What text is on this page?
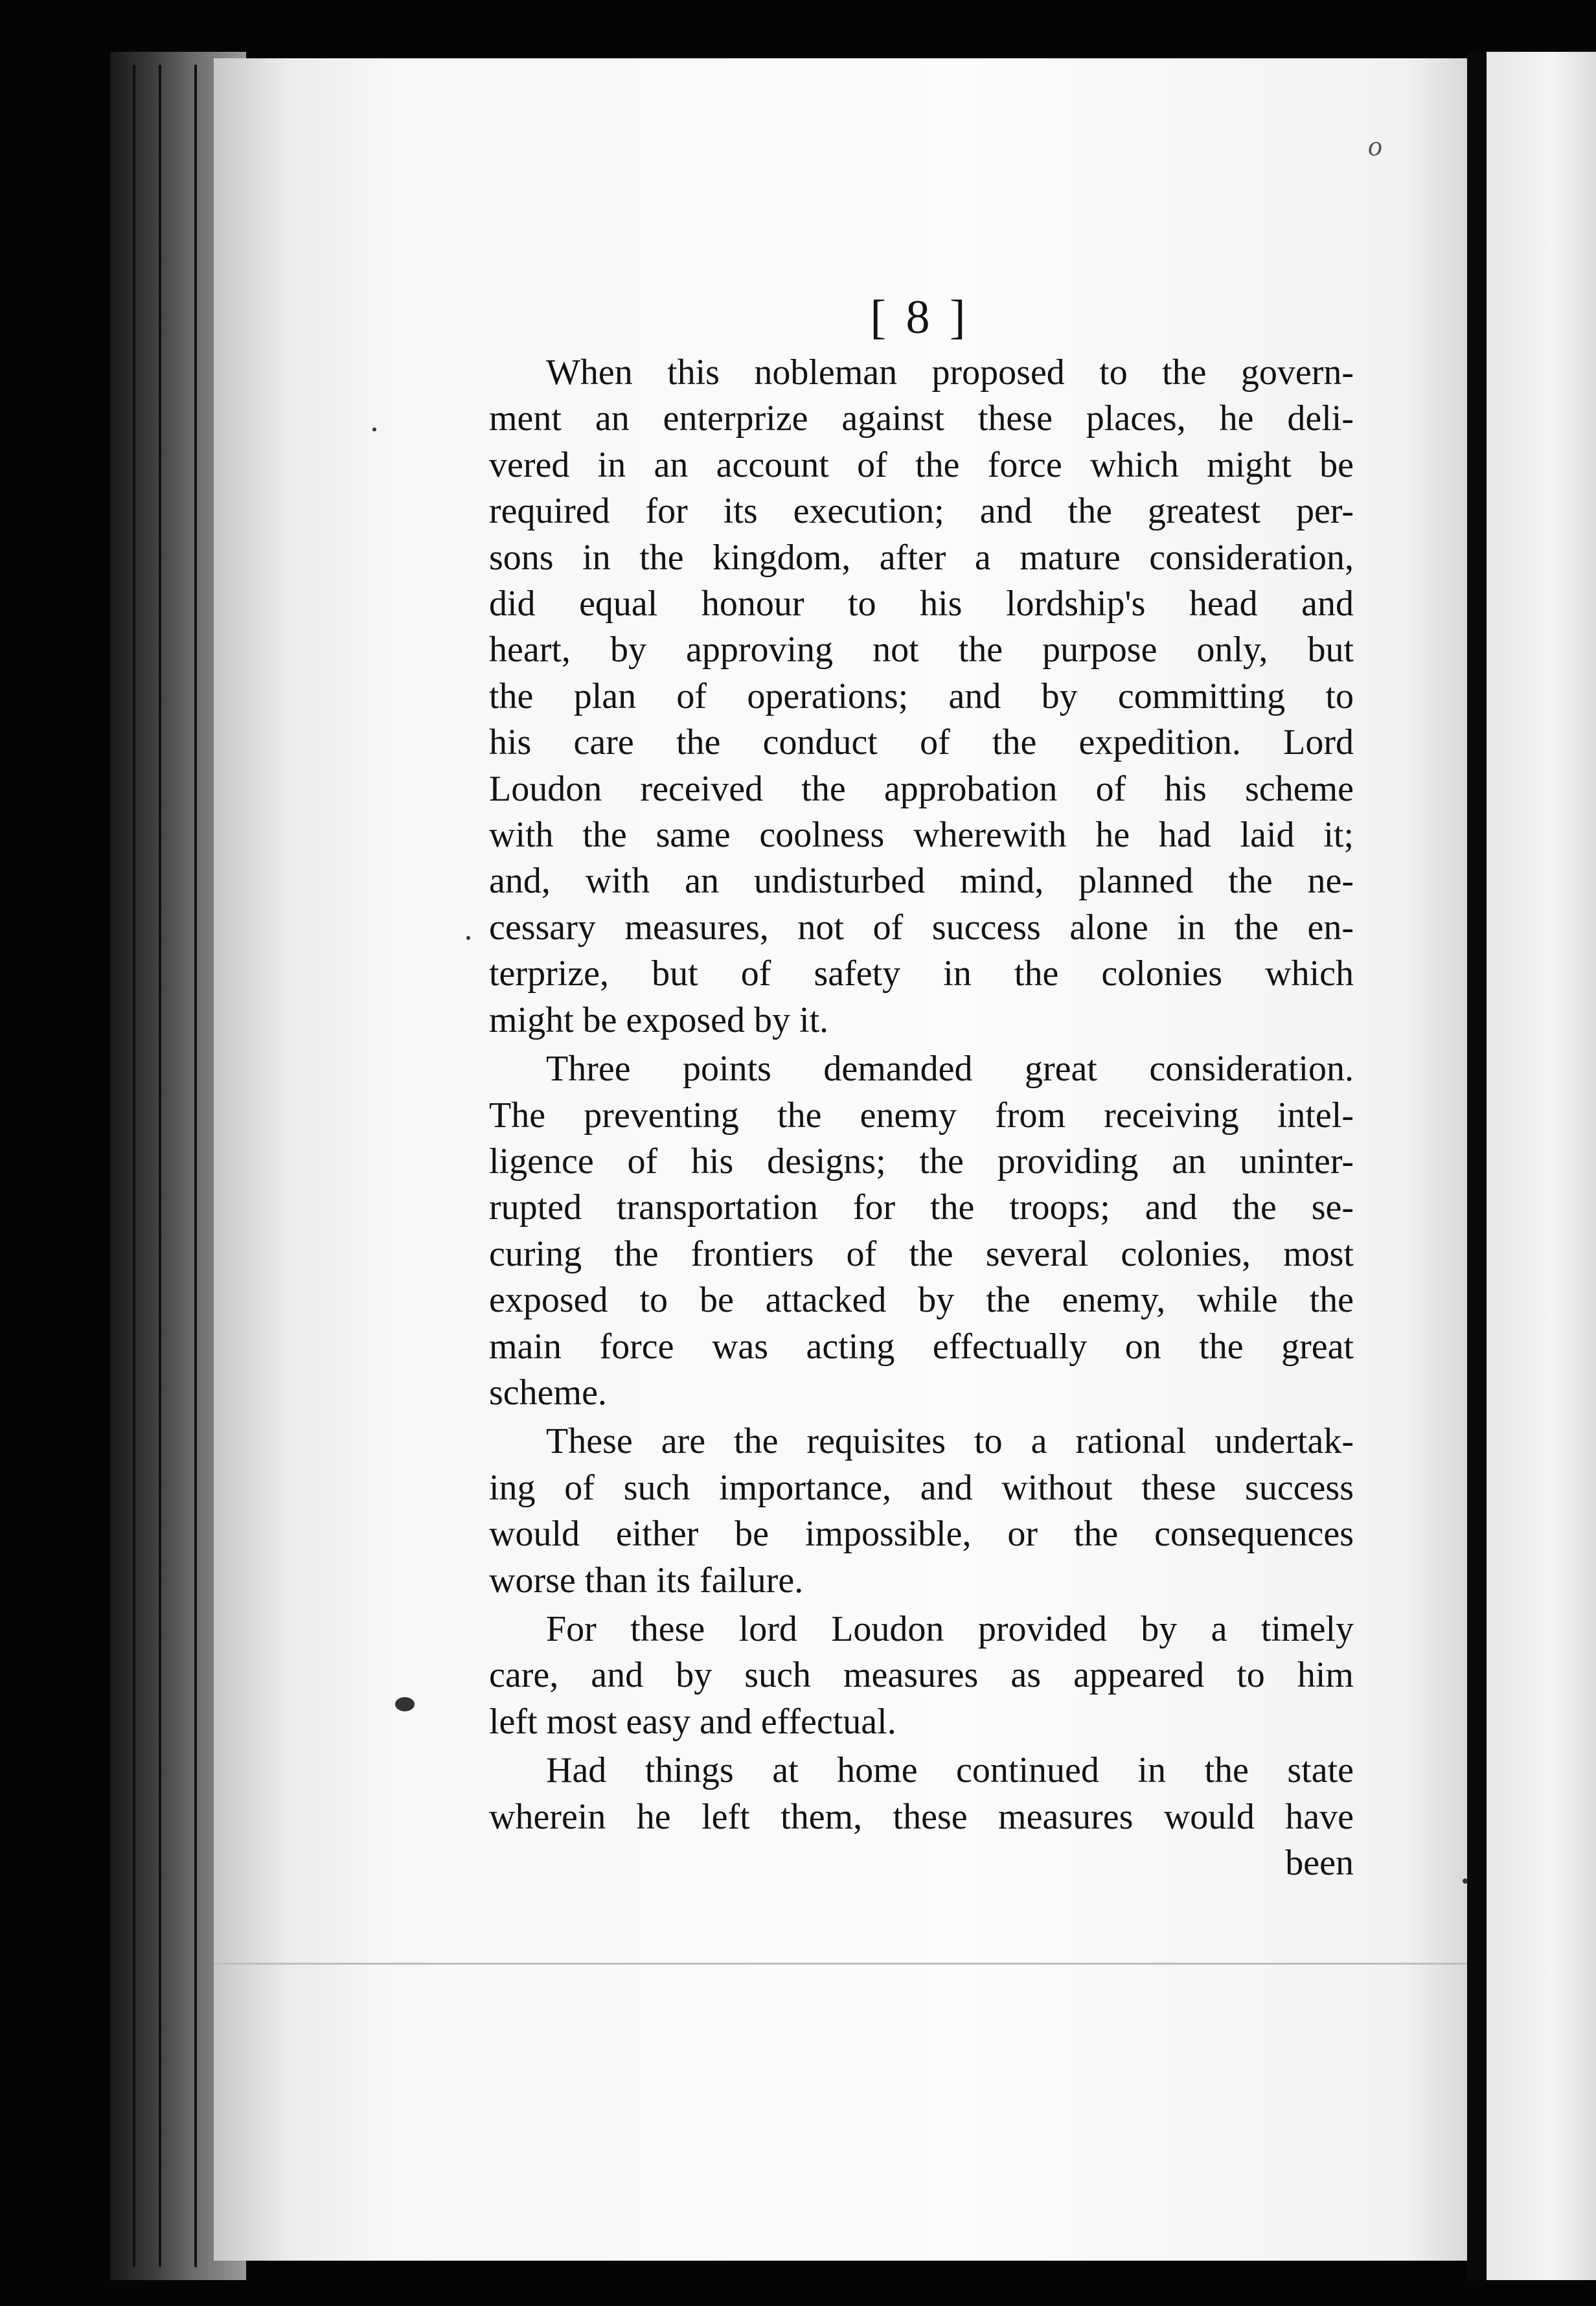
o
[ 8 ]

When this nobleman proposed to the govern-
ment an enterprize against these places, he deli-
vered in an account of the force which might be
required for its execution; and the greatest per-
sons in the kingdom, after a mature consideration,
did equal honour to his lordship's head and
heart, by approving not the purpose only, but
the plan of operations; and by committing to
his care the conduct of the expedition. Lord
Loudon received the approbation of his scheme
with the same coolness wherewith he had laid it;
and, with an undisturbed mind, planned the ne-
cessary measures, not of success alone in the en-
terprize, but of safety in the colonies which
might be exposed by it.

Three points demanded great consideration.
The preventing the enemy from receiving intel-
ligence of his designs; the providing an uninter-
rupted transportation for the troops; and the se-
curing the frontiers of the several colonies, most
exposed to be attacked by the enemy, while the
main force was acting effectually on the great
scheme.

These are the requisites to a rational undertak-
ing of such importance, and without these success
would either be impossible, or the consequences
worse than its failure.

For these lord Loudon provided by a timely
care, and by such measures as appeared to him
left most easy and effectual.

Had things at home continued in the state
wherein he left them, these measures would have
been
